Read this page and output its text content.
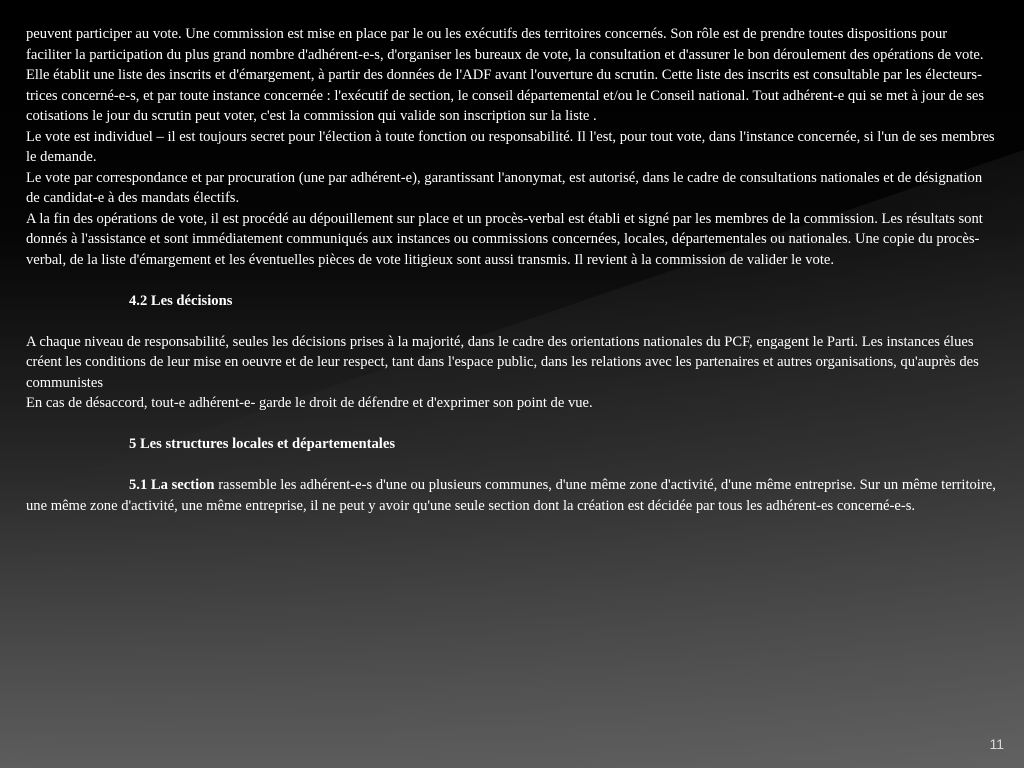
peuvent participer au vote. Une commission est mise en place par le ou les exécutifs des territoires concernés. Son rôle est de prendre toutes dispositions pour faciliter la participation du plus grand nombre d'adhérent-e-s, d'organiser les bureaux de vote, la consultation et d'assurer le bon déroulement des opérations de vote. Elle établit une liste des inscrits et d'émargement, à partir des données de l'ADF avant l'ouverture du scrutin. Cette liste des inscrits est consultable par les électeurs-trices concerné-e-s, et par toute instance concernée : l'exécutif de section, le conseil départemental et/ou le Conseil national. Tout adhérent-e qui se met à jour de ses cotisations le jour du scrutin peut voter, c'est la commission qui valide son inscription sur la liste .

Le vote est individuel – il est toujours secret pour l'élection à toute fonction ou responsabilité. Il l'est, pour tout vote, dans l'instance concernée, si l'un de ses membres le demande.

Le vote par correspondance et par procuration (une par adhérent-e), garantissant l'anonymat, est autorisé, dans le cadre de consultations nationales et de désignation de candidat-e à des mandats électifs.

A la fin des opérations de vote, il est procédé au dépouillement sur place et un procès-verbal est établi et signé par les membres de la commission. Les résultats sont donnés à l'assistance et sont immédiatement communiqués aux instances ou commissions concernées, locales, départementales ou nationales. Une copie du procès-verbal, de la liste d'émargement et les éventuelles pièces de vote litigieux sont aussi transmis. Il revient à la commission de valider le vote.

4.2 Les décisions

A chaque niveau de responsabilité, seules les décisions prises à la majorité, dans le cadre des orientations nationales du PCF, engagent le Parti. Les instances élues créent les conditions de leur mise en oeuvre et de leur respect, tant dans l'espace public, dans les relations avec les partenaires et autres organisations, qu'auprès des communistes

En cas de désaccord, tout-e adhérent-e- garde le droit de défendre et d'exprimer son point de vue.

5 Les structures locales et départementales

5.1 La section rassemble les adhérent-e-s d'une ou plusieurs communes, d'une même zone d'activité, d'une même entreprise. Sur un même territoire, une même zone d'activité, une même entreprise, il ne peut y avoir qu'une seule section dont la création est décidée par tous les adhérent-es concerné-e-s.

11
